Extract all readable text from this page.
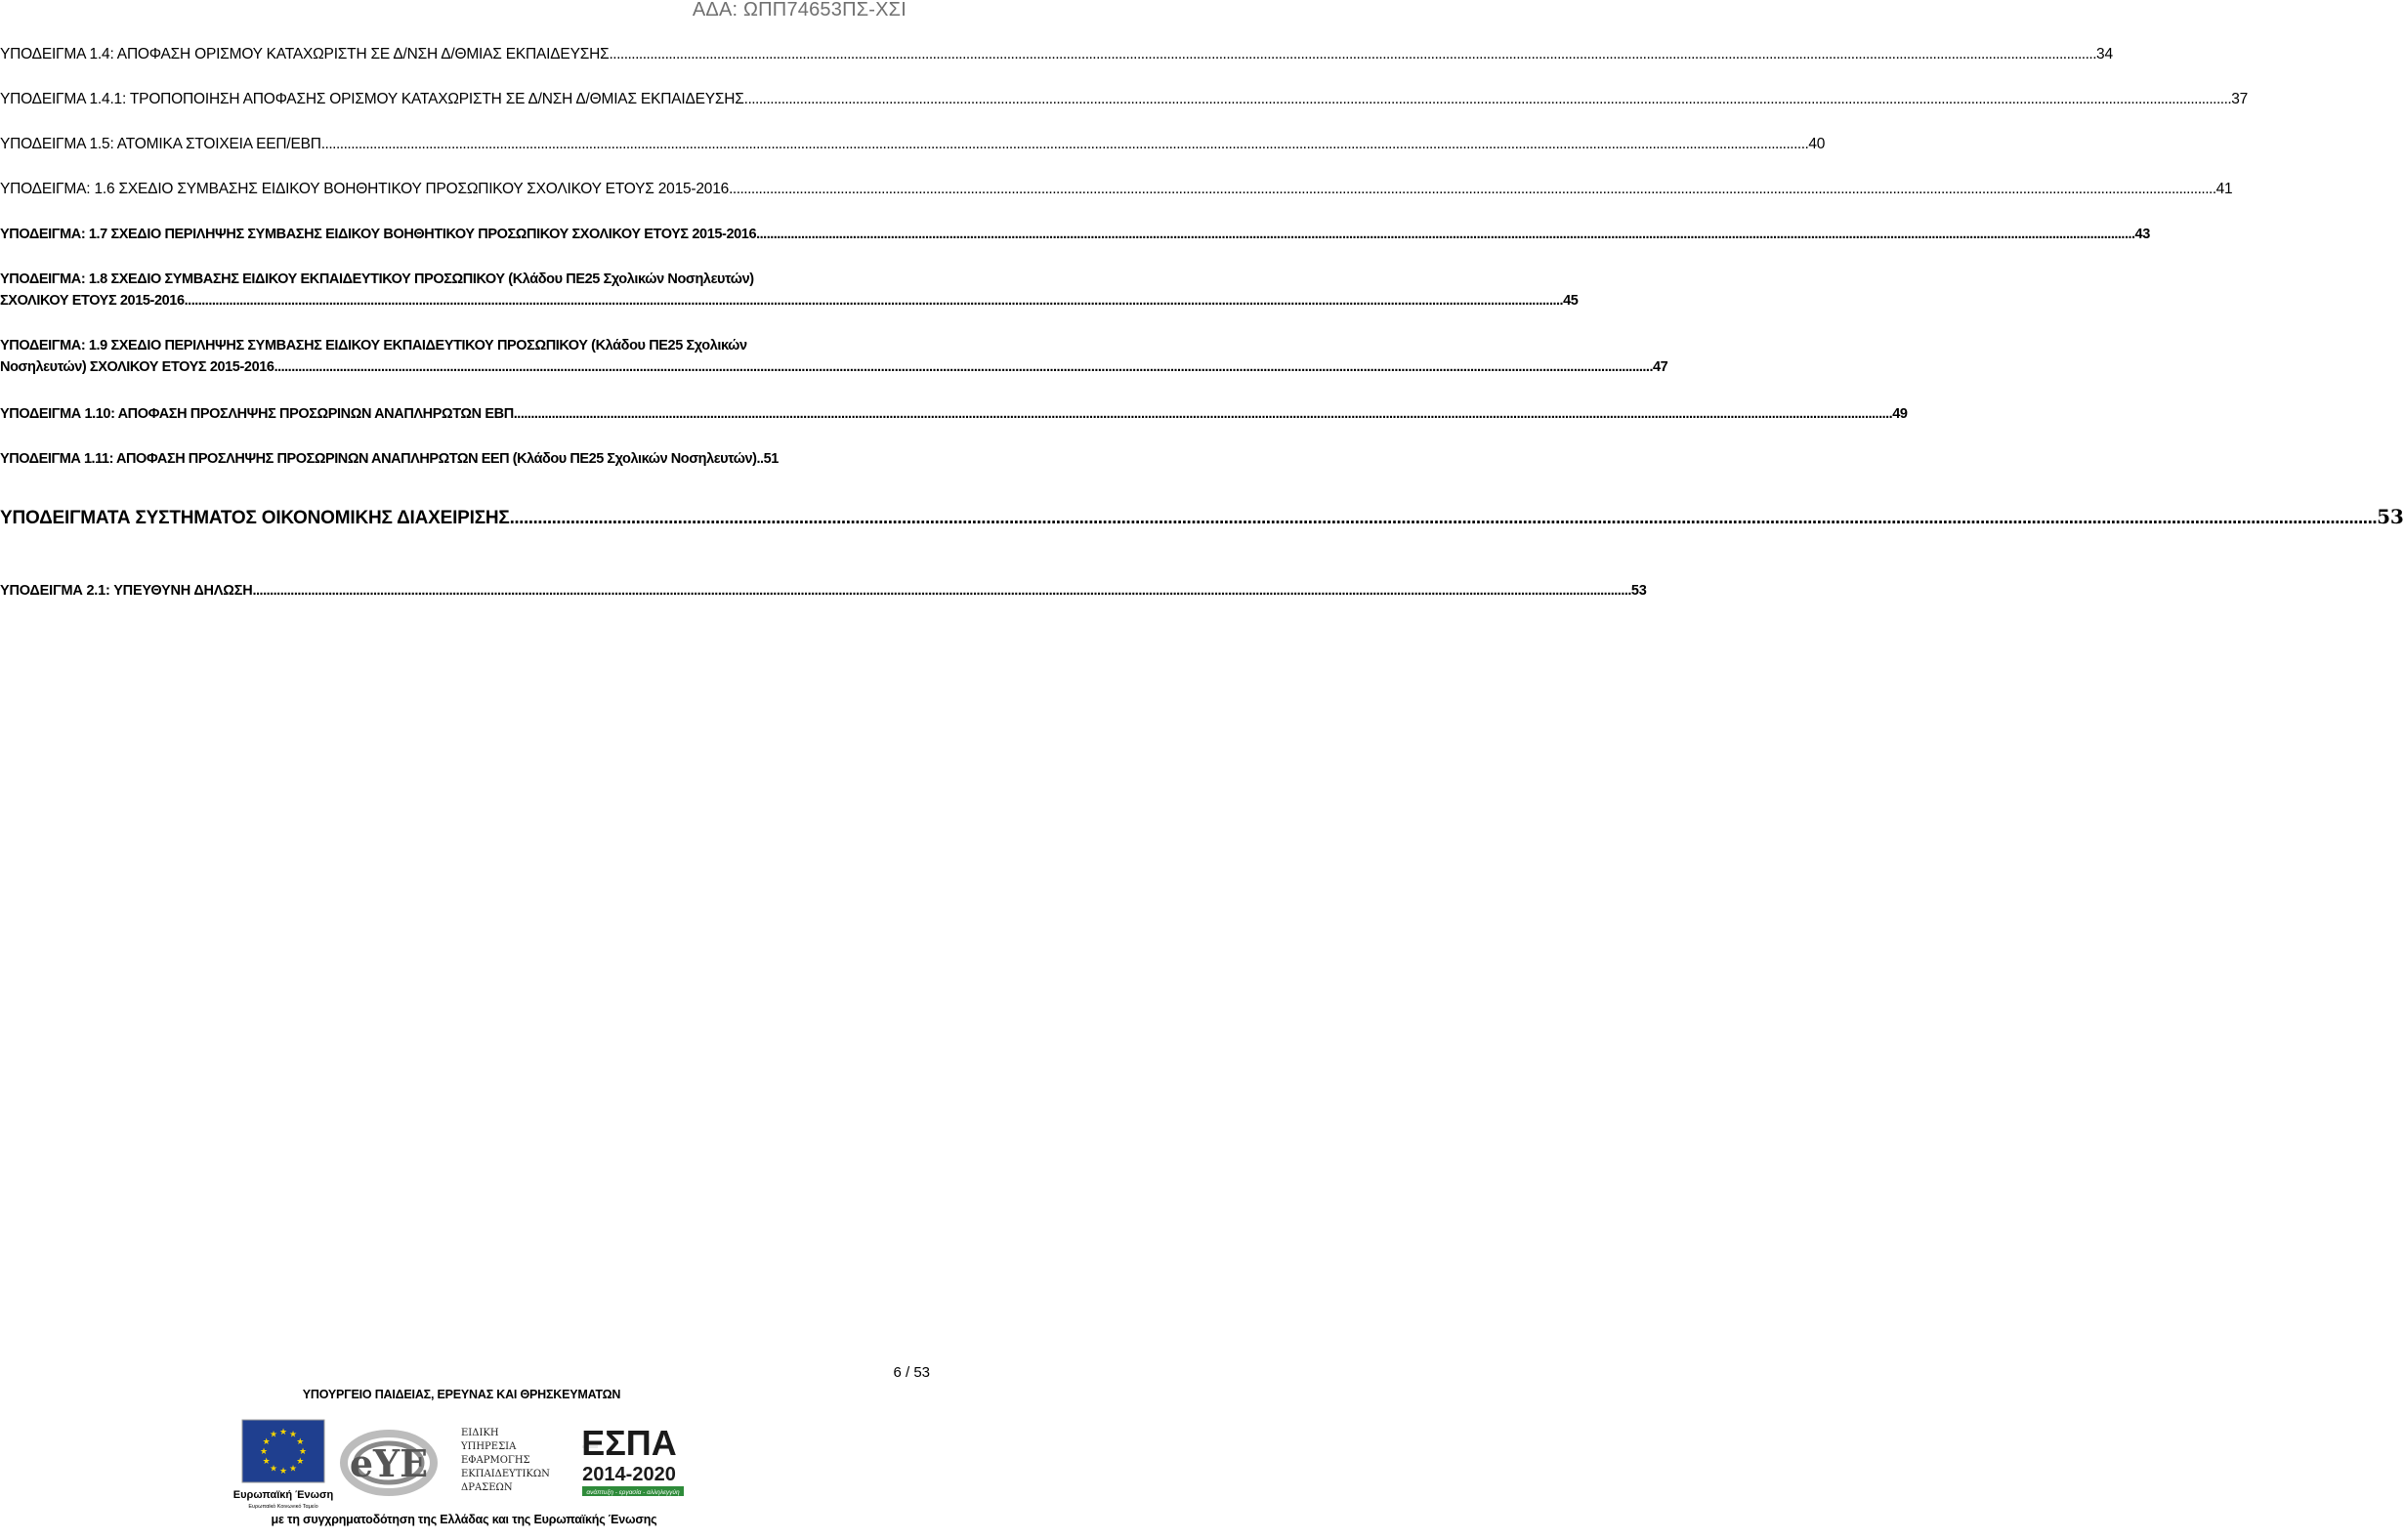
ΑΔΑ: ΩΠΠ74653ΠΣ-ΧΣΙ
ΥΠΟΔΕΙΓΜΑ 1.4: ΑΠΟΦΑΣΗ ΟΡΙΣΜΟΥ ΚΑΤΑΧΩΡΙΣΤΗ ΣΕ Δ/ΝΣΗ Δ/ΘΜΙΑΣ ΕΚΠΑΙΔΕΥΣΗΣ ................................................................................................................................................................................................................................................................................................................................................................................................................ 34
ΥΠΟΔΕΙΓΜΑ 1.4.1: ΤΡΟΠΟΠΟΙΗΣΗ ΑΠΟΦΑΣΗΣ ΟΡΙΣΜΟΥ ΚΑΤΑΧΩΡΙΣΤΗ ΣΕ Δ/ΝΣΗ Δ/ΘΜΙΑΣ ΕΚΠΑΙΔΕΥΣΗΣ ................................................................................................................................................................................................................................................................................................................................................................................................................ 37
ΥΠΟΔΕΙΓΜΑ 1.5: ΑΤΟΜΙΚΑ ΣΤΟΙΧΕΙΑ ΕΕΠ/ΕΒΠ ................................................................................................................................................................................................................................................................................................................................................................................................................ 40
ΥΠΟΔΕΙΓΜΑ: 1.6 ΣΧΕΔΙΟ ΣΥΜΒΑΣΗΣ ΕΙΔΙΚΟΥ ΒΟΗΘΗΤΙΚΟΥ ΠΡΟΣΩΠΙΚΟΥ ΣΧΟΛΙΚΟΥ ΕΤΟΥΣ 2015-2016 ................................................................................................................................................................................................................................................................................................................................................................................................................ 41
ΥΠΟΔΕΙΓΜΑ: 1.7 ΣΧΕΔΙΟ ΠΕΡΙΛΗΨΗΣ ΣΥΜΒΑΣΗΣ ΕΙΔΙΚΟΥ ΒΟΗΘΗΤΙΚΟΥ ΠΡΟΣΩΠΙΚΟΥ ΣΧΟΛΙΚΟΥ ΕΤΟΥΣ 2015-2016 ................................................................................................................................................................................................................................................................................................................................................................................................................ 43
ΥΠΟΔΕΙΓΜΑ: 1.8 ΣΧΕΔΙΟ ΣΥΜΒΑΣΗΣ ΕΙΔΙΚΟΥ ΕΚΠΑΙΔΕΥΤΙΚΟΥ ΠΡΟΣΩΠΙΚΟΥ (Κλάδου ΠΕ25 Σχολικών Νοσηλευτών)
ΣΧΟΛΙΚΟΥ ΕΤΟΥΣ 2015-2016 ................................................................................................................................................................................................................................................................................................................................................................................................................ 45
ΥΠΟΔΕΙΓΜΑ: 1.9 ΣΧΕΔΙΟ ΠΕΡΙΛΗΨΗΣ ΣΥΜΒΑΣΗΣ ΕΙΔΙΚΟΥ ΕΚΠΑΙΔΕΥΤΙΚΟΥ ΠΡΟΣΩΠΙΚΟΥ (Κλάδου ΠΕ25 Σχολικών
Νοσηλευτών) ΣΧΟΛΙΚΟΥ ΕΤΟΥΣ 2015-2016 ................................................................................................................................................................................................................................................................................................................................................................................................................ 47
ΥΠΟΔΕΙΓΜΑ 1.10: ΑΠΟΦΑΣΗ ΠΡΟΣΛΗΨΗΣ ΠΡΟΣΩΡΙΝΩΝ ΑΝΑΠΛΗΡΩΤΩΝ ΕΒΠ ................................................................................................................................................................................................................................................................................................................................................................................................................ 49
ΥΠΟΔΕΙΓΜΑ 1.11: ΑΠΟΦΑΣΗ ΠΡΟΣΛΗΨΗΣ ΠΡΟΣΩΡΙΝΩΝ ΑΝΑΠΛΗΡΩΤΩΝ ΕΕΠ (Κλάδου ΠΕ25 Σχολικών Νοσηλευτών) .. 51
ΥΠΟΔΕΙΓΜΑΤΑ ΣΥΣΤΗΜΑΤΟΣ ΟΙΚΟΝΟΜΙΚΗΣ ΔΙΑΧΕΙΡΙΣΗΣ ................................................................................................................................................................................................................................................................................................................................................................................................................ 53
ΥΠΟΔΕΙΓΜΑ 2.1: ΥΠΕΥΘΥΝΗ ΔΗΛΩΣΗ ................................................................................................................................................................................................................................................................................................................................................................................................................ 53
6 / 53
ΥΠΟΥΡΓΕΙΟ ΠΑΙΔΕΙΑΣ, ΕΡΕΥΝΑΣ ΚΑΙ ΘΡΗΣΚΕΥΜΑΤΩΝ
★
★
★
★
★
★
★
★
★ ★ ★
★
Ευρωπαϊκή Ένωση
Ευρωπαϊκό Κοινωνικό Ταμείο
eYE
ΕΙΔΙΚΗ
ΥΠΗΡΕΣΙΑ
ΕΦΑΡΜΟΓΗΣ
ΕΚΠΑΙΔΕΥΤΙΚΩΝ
ΔΡΑΣΕΩΝ
ΕΣΠΑ
2014-2020
ανάπτυξη - εργασία - αλληλεγγύη
με τη συγχρηματοδότηση της Ελλάδας και της Ευρωπαϊκής Ένωσης
